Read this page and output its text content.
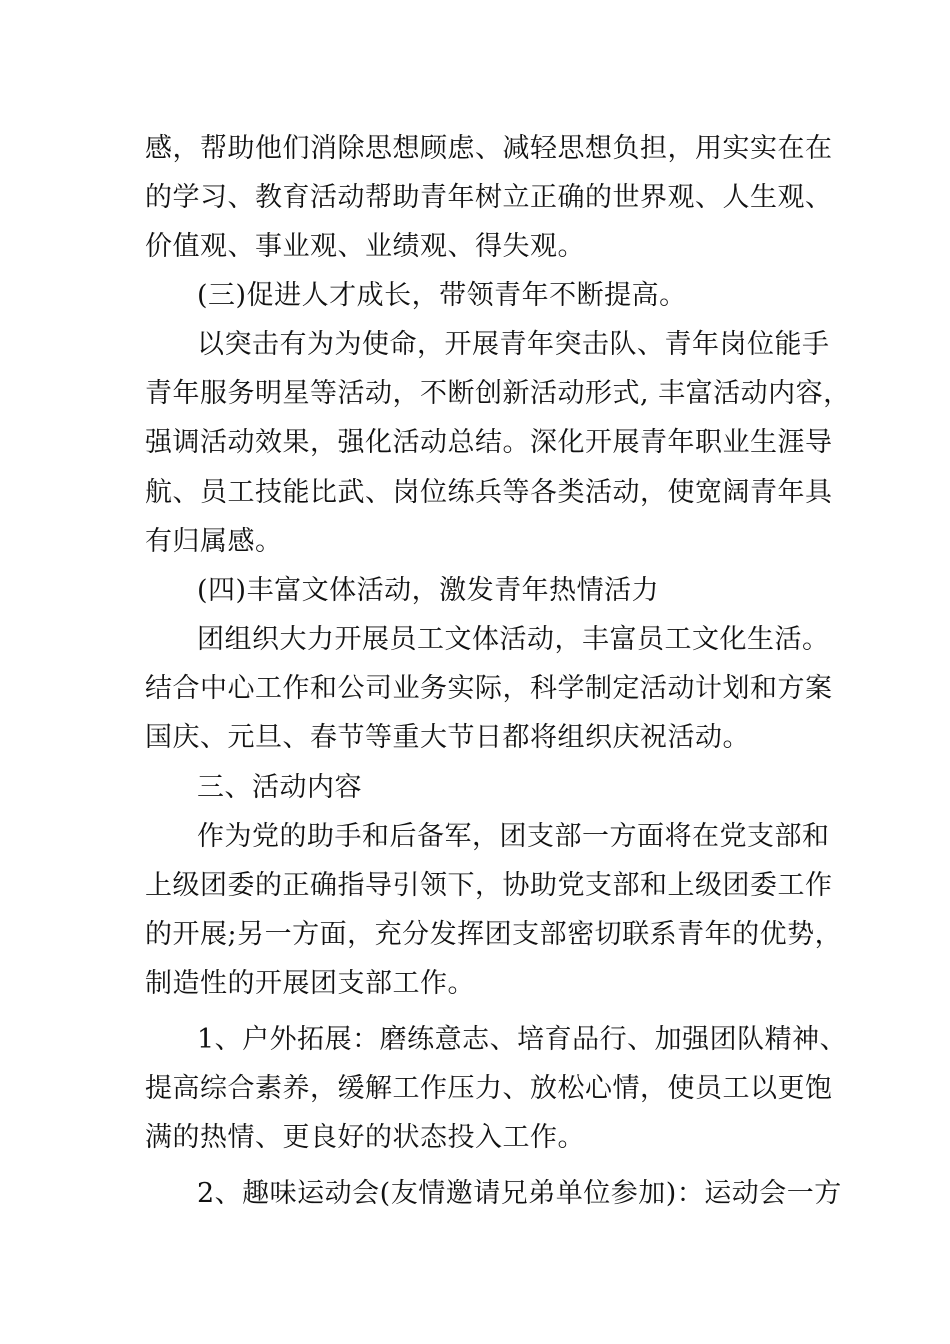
感，帮助他们消除思想顾虑、减轻思想负担，用实实在在
的学习、教育活动帮助青年树立正确的世界观、人生观、
价值观、事业观、业绩观、得失观。
(三)促进人才成长，带领青年不断提高。
以突击有为为使命，开展青年突击队、青年岗位能手
青年服务明星等活动，不断创新活动形式, 丰富活动内容，
强调活动效果，强化活动总结。深化开展青年职业生涯导
航、员工技能比武、岗位练兵等各类活动，使宽阔青年具
有归属感。
(四)丰富文体活动，激发青年热情活力
团组织大力开展员工文体活动，丰富员工文化生活。
结合中心工作和公司业务实际，科学制定活动计划和方案
国庆、元旦、春节等重大节日都将组织庆祝活动。
三、活动内容
作为党的助手和后备军，团支部一方面将在党支部和
上级团委的正确指导引领下，协助党支部和上级团委工作
的开展;另一方面，充分发挥团支部密切联系青年的优势，
制造性的开展团支部工作。
1、户外拓展：磨练意志、培育品行、加强团队精神、
提高综合素养，缓解工作压力、放松心情，使员工以更饱
满的热情、更良好的状态投入工作。
2、趣味运动会(友情邀请兄弟单位参加)：运动会一方
